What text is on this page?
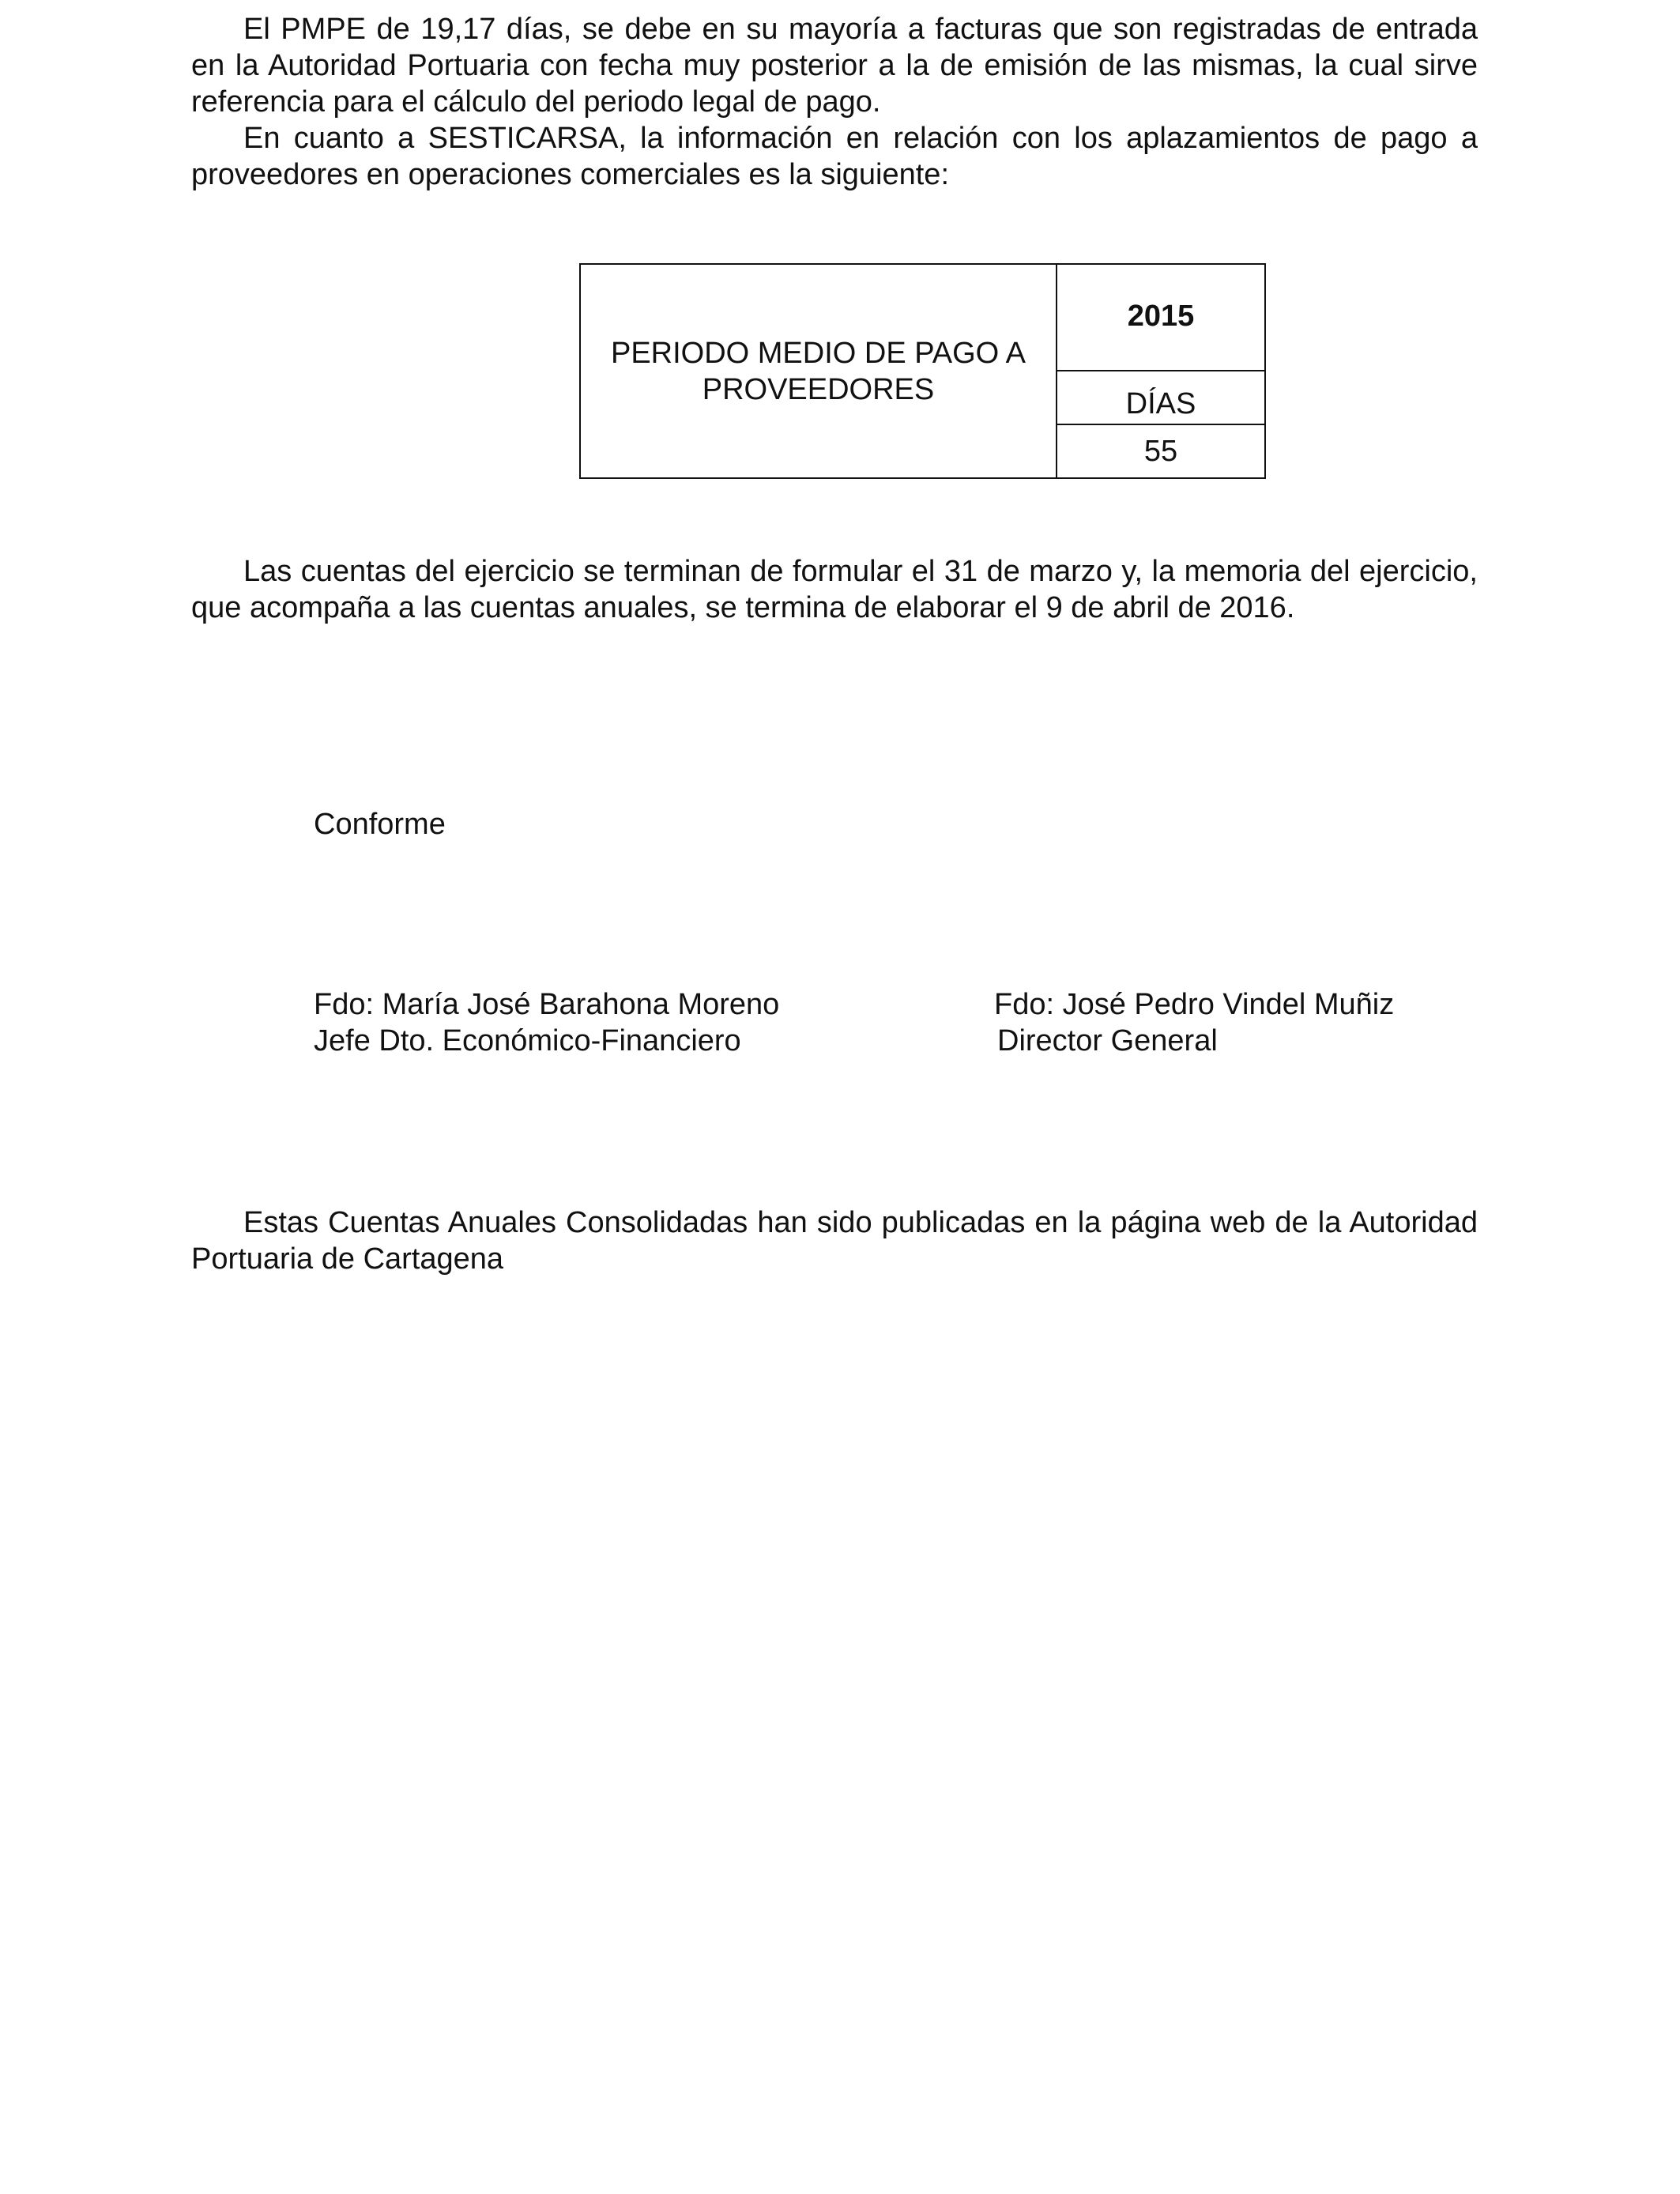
El PMPE de 19,17 días, se debe en su mayoría a facturas que son registradas de entrada en la Autoridad Portuaria con fecha muy posterior a la de emisión de las mismas, la cual sirve referencia para el cálculo del periodo legal de pago.

En cuanto a SESTICARSA, la información en relación con los aplazamientos de pago a proveedores en operaciones comerciales es la siguiente:

PERIODO MEDIO DE PAGO A PROVEEDORES
2015
DÍAS
55

Las cuentas del ejercicio se terminan de formular el 31 de marzo y, la memoria del ejercicio, que acompaña a las cuentas anuales, se termina de elaborar el 9 de abril de 2016.

Conforme

Fdo: María José Barahona Moreno
Jefe Dto. Económico-Financiero
Fdo: José Pedro Vindel Muñiz
Director General

Estas Cuentas Anuales Consolidadas han sido publicadas en la página web de la Autoridad Portuaria de Cartagena
